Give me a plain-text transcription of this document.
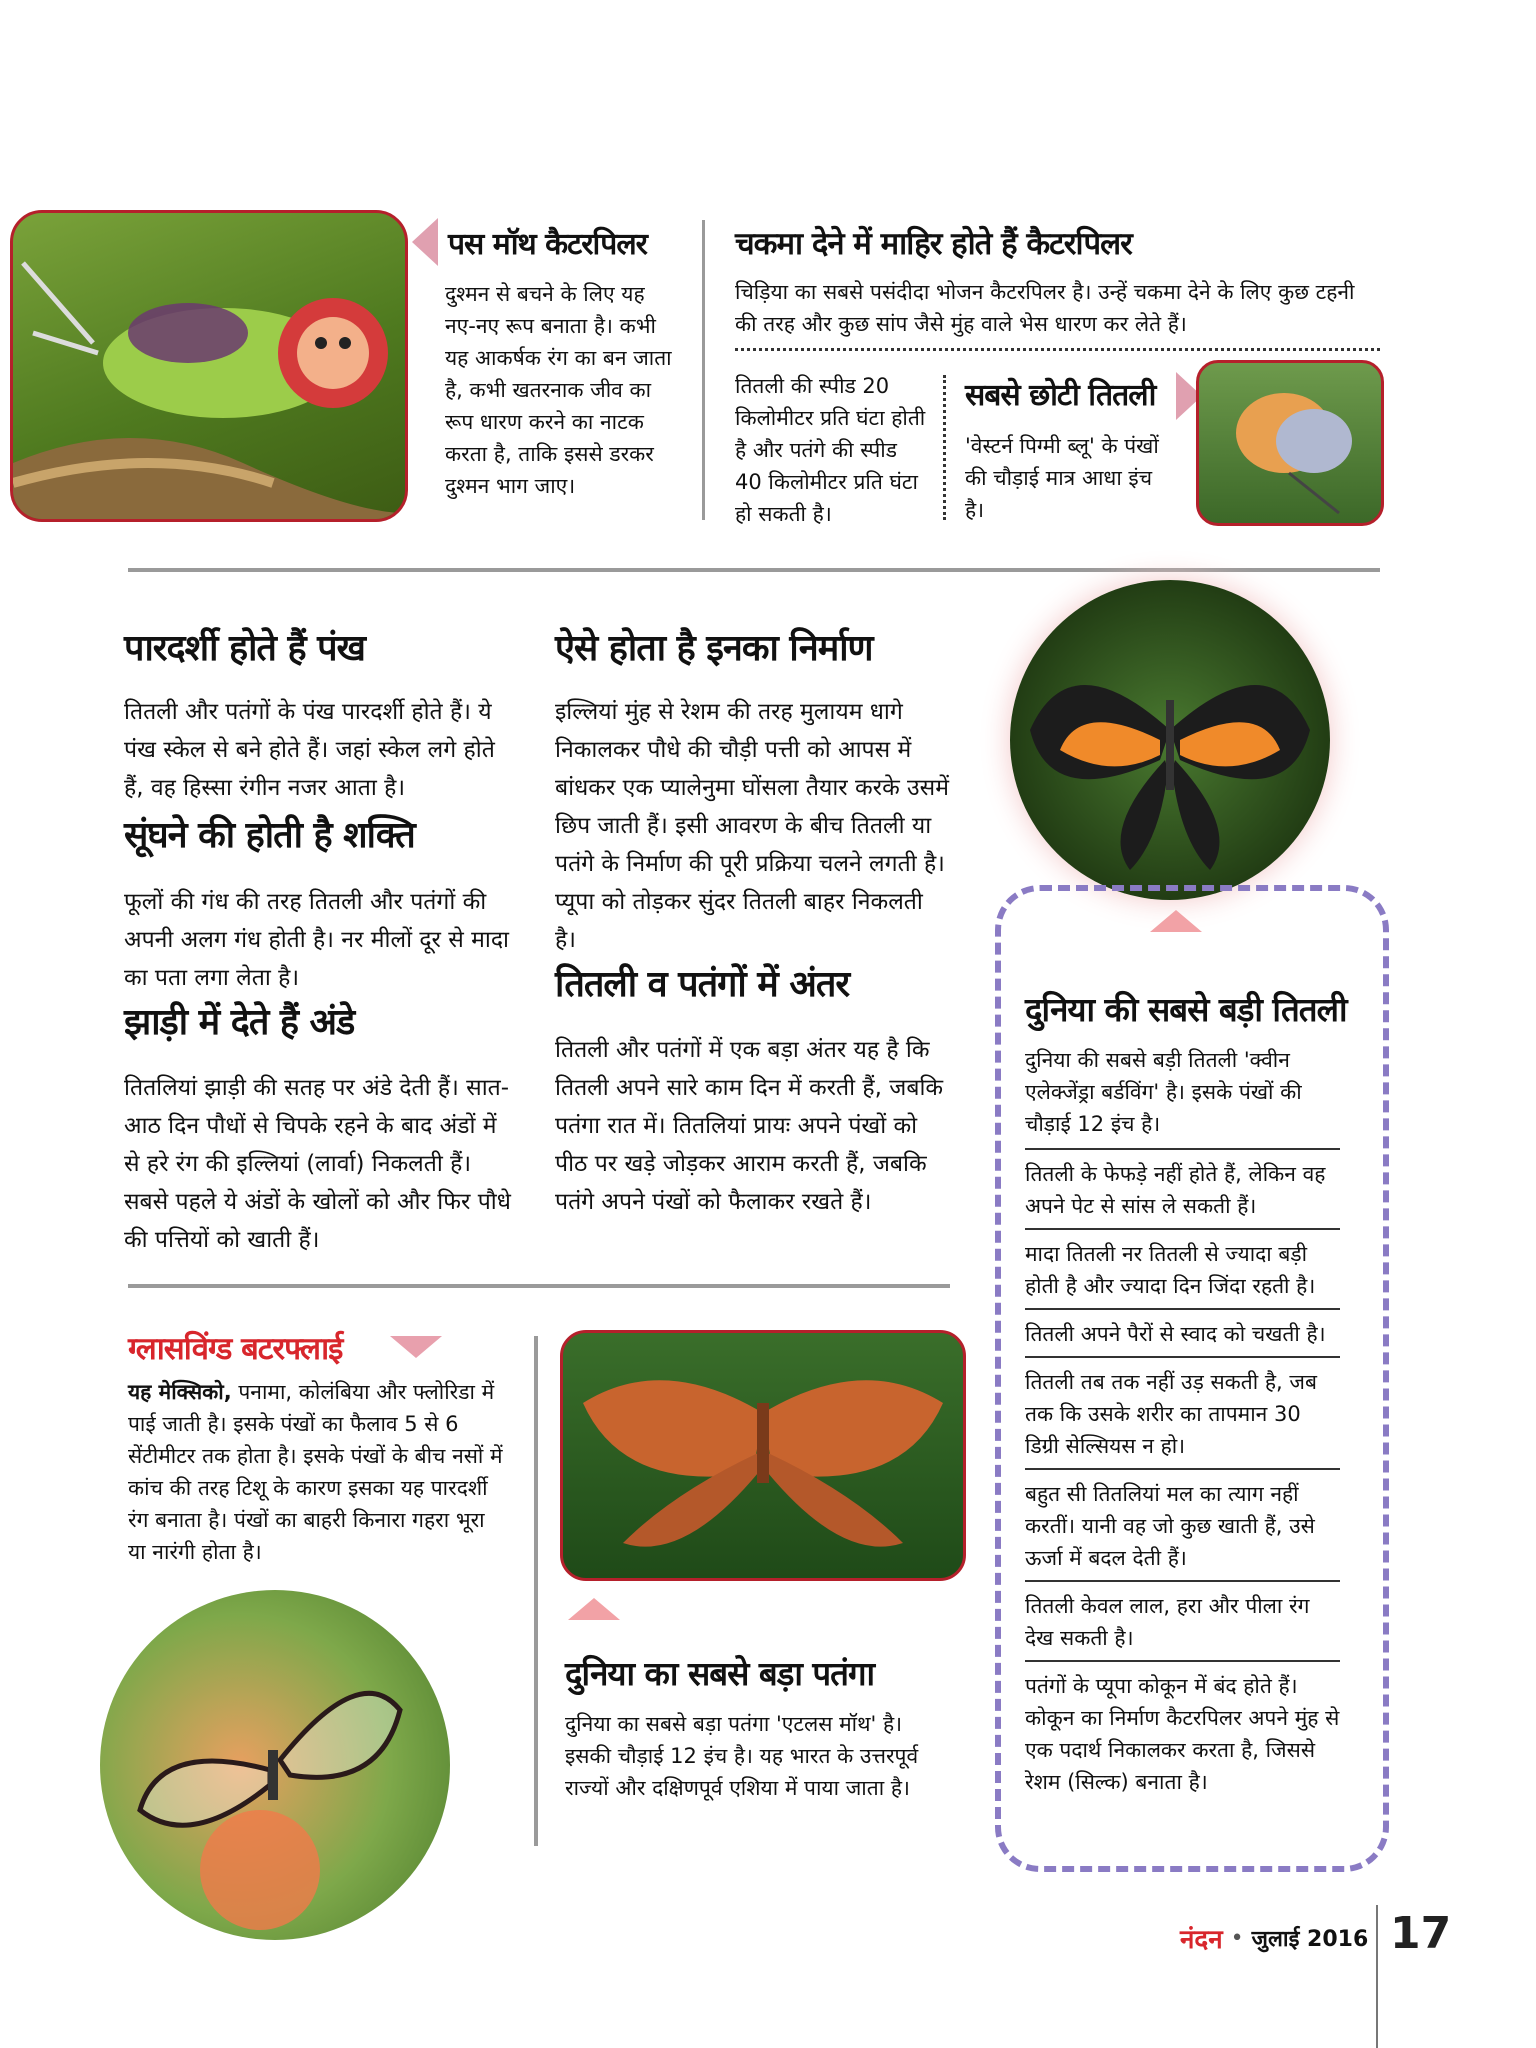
पस मॉथ कैटरपिलर
दुश्मन से बचने के लिए यह नए-नए रूप बनाता है। कभी यह आकर्षक रंग का बन जाता है, कभी खतरनाक जीव का रूप धारण करने का नाटक करता है, ताकि इससे डरकर दुश्मन भाग जाए।
चकमा देने में माहिर होते हैं कैटरपिलर
चिड़िया का सबसे पसंदीदा भोजन कैटरपिलर है। उन्हें चकमा देने के लिए कुछ टहनी की तरह और कुछ सांप जैसे मुंह वाले भेस धारण कर लेते हैं।
तितली की स्पीड 20 किलोमीटर प्रति घंटा होती है और पतंगे की स्पीड 40 किलोमीटर प्रति घंटा हो सकती है।
सबसे छोटी तितली
'वेस्टर्न पिग्मी ब्लू' के पंखों की चौड़ाई मात्र आधा इंच है।
पारदर्शी होते हैं पंख
तितली और पतंगों के पंख पारदर्शी होते हैं। ये पंख स्केल से बने होते हैं। जहां स्केल लगे होते हैं, वह हिस्सा रंगीन नजर आता है।
सूंघने की होती है शक्ति
फूलों की गंध की तरह तितली और पतंगों की अपनी अलग गंध होती है। नर मीलों दूर से मादा का पता लगा लेता है।
झाड़ी में देते हैं अंडे
तितलियां झाड़ी की सतह पर अंडे देती हैं। सात-आठ दिन पौधों से चिपके रहने के बाद अंडों में से हरे रंग की इल्लियां (लार्वा) निकलती हैं। सबसे पहले ये अंडों के खोलों को और फिर पौधे की पत्तियों को खाती हैं।
ऐसे होता है इनका निर्माण
इल्लियां मुंह से रेशम की तरह मुलायम धागे निकालकर पौधे की चौड़ी पत्ती को आपस में बांधकर एक प्यालेनुमा घोंसला तैयार करके उसमें छिप जाती हैं। इसी आवरण के बीच तितली या पतंगे के निर्माण की पूरी प्रक्रिया चलने लगती है। प्यूपा को तोड़कर सुंदर तितली बाहर निकलती है।
तितली व पतंगों में अंतर
तितली और पतंगों में एक बड़ा अंतर यह है कि तितली अपने सारे काम दिन में करती हैं, जबकि पतंगा रात में। तितलियां प्रायः अपने पंखों को पीठ पर खड़े जोड़कर आराम करती हैं, जबकि पतंगे अपने पंखों को फैलाकर रखते हैं।
दुनिया की सबसे बड़ी तितली
दुनिया की सबसे बड़ी तितली 'क्वीन एलेक्जेंड्रा बर्डविंग' है। इसके पंखों की चौड़ाई 12 इंच है।
तितली के फेफड़े नहीं होते हैं, लेकिन वह अपने पेट से सांस ले सकती हैं।
मादा तितली नर तितली से ज्यादा बड़ी होती है और ज्यादा दिन जिंदा रहती है।
तितली अपने पैरों से स्वाद को चखती है।
तितली तब तक नहीं उड़ सकती है, जब तक कि उसके शरीर का तापमान 30 डिग्री सेल्सियस न हो।
बहुत सी तितलियां मल का त्याग नहीं करतीं। यानी वह जो कुछ खाती हैं, उसे ऊर्जा में बदल देती हैं।
तितली केवल लाल, हरा और पीला रंग देख सकती है।
पतंगों के प्यूपा कोकून में बंद होते हैं। कोकून का निर्माण कैटरपिलर अपने मुंह से एक पदार्थ निकालकर करता है, जिससे रेशम (सिल्क) बनाता है।
ग्लासविंग्ड बटरफ्लाई
यह मेक्सिको, पनामा, कोलंबिया और फ्लोरिडा में पाई जाती है। इसके पंखों का फैलाव 5 से 6 सेंटीमीटर तक होता है। इसके पंखों के बीच नसों में कांच की तरह टिशू के कारण इसका यह पारदर्शी रंग बनाता है। पंखों का बाहरी किनारा गहरा भूरा या नारंगी होता है।
दुनिया का सबसे बड़ा पतंगा
दुनिया का सबसे बड़ा पतंगा 'एटलस मॉथ' है। इसकी चौड़ाई 12 इंच है। यह भारत के उत्तरपूर्व राज्यों और दक्षिणपूर्व एशिया में पाया जाता है।
नंदन • जुलाई 2016 17
